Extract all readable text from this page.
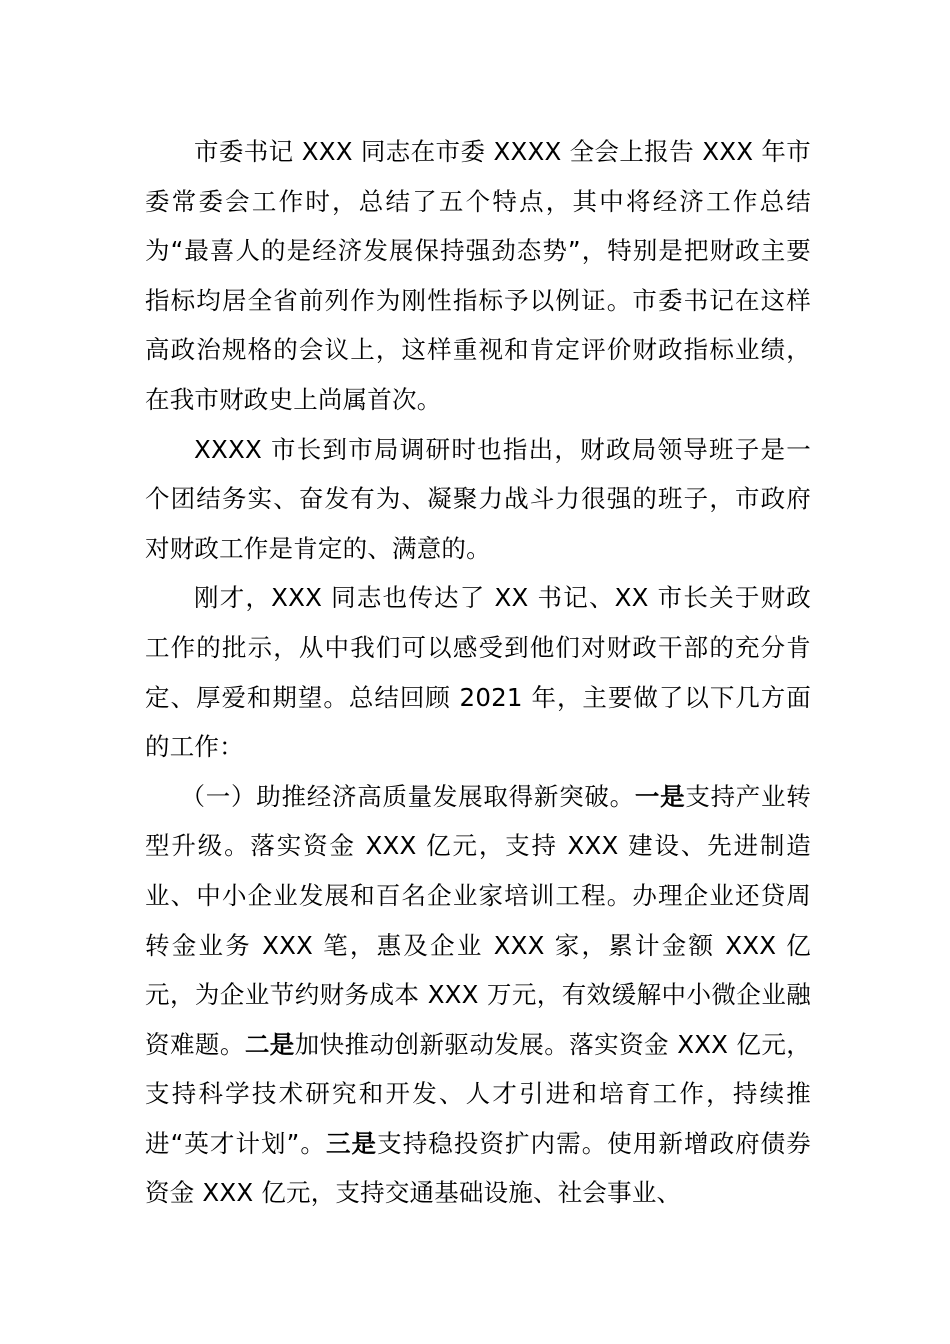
市委书记 XXX 同志在市委 XXXX 全会上报告 XXX 年市委常委会工作时，总结了五个特点，其中将经济工作总结为“最喜人的是经济发展保持强劲态势”，特别是把财政主要指标均居全省前列作为刚性指标予以例证。市委书记在这样高政治规格的会议上，这样重视和肯定评价财政指标业绩，在我市财政史上尚属首次。

XXXX 市长到市局调研时也指出，财政局领导班子是一个团结务实、奋发有为、凝聚力战斗力很强的班子，市政府对财政工作是肯定的、满意的。

刚才，XXX 同志也传达了 XX 书记、XX 市长关于财政工作的批示，从中我们可以感受到他们对财政干部的充分肯定、厚爱和期望。总结回顾 2021 年，主要做了以下几方面的工作：

（一）助推经济高质量发展取得新突破。一是支持产业转型升级。落实资金 XXX 亿元，支持 XXX 建设、先进制造业、中小企业发展和百名企业家培训工程。办理企业还贷周转金业务 XXX 笔，惠及企业 XXX 家，累计金额 XXX 亿元，为企业节约财务成本 XXX 万元，有效缓解中小微企业融资难题。二是加快推动创新驱动发展。落实资金 XXX 亿元，支持科学技术研究和开发、人才引进和培育工作，持续推进“英才计划”。三是支持稳投资扩内需。使用新增政府债券资金 XXX 亿元，支持交通基础设施、社会事业、
